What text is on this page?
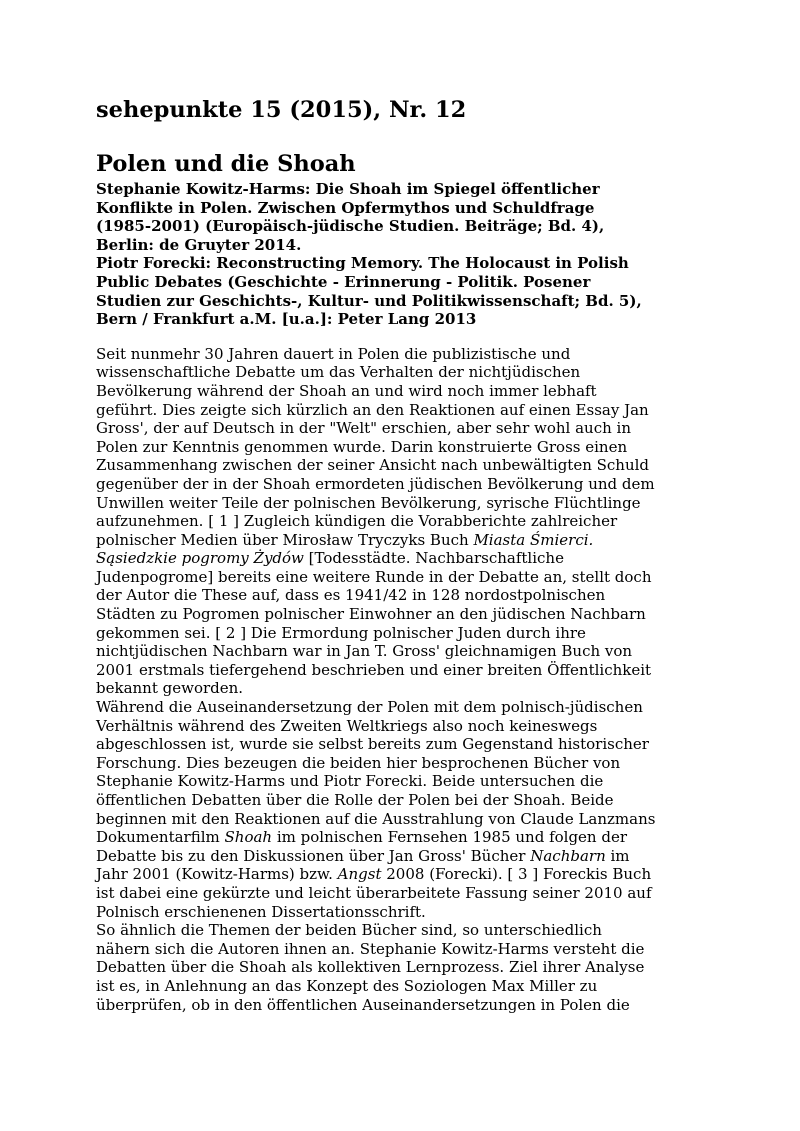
sehepunkte 15 (2015), Nr. 12
Polen und die Shoah

Stephanie Kowitz-Harms: Die Shoah im Spiegel öffentlicher
Konflikte in Polen. Zwischen Opfermythos und Schuldfrage
(1985-2001) (Europäisch-jüdische Studien. Beiträge; Bd. 4),
Berlin: de Gruyter 2014.

Piotr Forecki: Reconstructing Memory. The Holocaust in Polish
Public Debates (Geschichte - Erinnerung - Politik. Posener
Studien zur Geschichts-, Kultur- und Politikwissenschaft; Bd. 5),
Bern / Frankfurt a.M. [u.a.]: Peter Lang 2013

Seit nunmehr 30 Jahren dauert in Polen die publizistische und
wissenschaftliche Debatte um das Verhalten der nichtjüdischen
Bevölkerung während der Shoah an und wird noch immer lebhaft
geführt. Dies zeigte sich kürzlich an den Reaktionen auf einen Essay Jan
Gross', der auf Deutsch in der "Welt" erschien, aber sehr wohl auch in
Polen zur Kenntnis genommen wurde. Darin konstruierte Gross einen
Zusammenhang zwischen der seiner Ansicht nach unbewältigten Schuld
gegenüber der in der Shoah ermordeten jüdischen Bevölkerung und dem
Unwillen weiter Teile der polnischen Bevölkerung, syrische Flüchtlinge
aufzunehmen. [ 1 ] Zugleich kündigen die Vorabberichte zahlreicher
polnischer Medien über Mirosław Tryczyks Buch Miasta Śmierci.
Sąsiedzkie pogromy Żydów [Todesstädte. Nachbarschaftliche
Judenpogrome] bereits eine weitere Runde in der Debatte an, stellt doch
der Autor die These auf, dass es 1941/42 in 128 nordostpolnischen
Städten zu Pogromen polnischer Einwohner an den jüdischen Nachbarn
gekommen sei. [ 2 ] Die Ermordung polnischer Juden durch ihre
nichtjüdischen Nachbarn war in Jan T. Gross' gleichnamigen Buch von
2001 erstmals tiefergehend beschrieben und einer breiten Öffentlichkeit
bekannt geworden.

Während die Auseinandersetzung der Polen mit dem polnisch-jüdischen
Verhältnis während des Zweiten Weltkriegs also noch keineswegs
abgeschlossen ist, wurde sie selbst bereits zum Gegenstand historischer
Forschung. Dies bezeugen die beiden hier besprochenen Bücher von
Stephanie Kowitz-Harms und Piotr Forecki. Beide untersuchen die
öffentlichen Debatten über die Rolle der Polen bei der Shoah. Beide
beginnen mit den Reaktionen auf die Ausstrahlung von Claude Lanzmans
Dokumentarfilm Shoah im polnischen Fernsehen 1985 und folgen der
Debatte bis zu den Diskussionen über Jan Gross' Bücher Nachbarn im
Jahr 2001 (Kowitz-Harms) bzw. Angst 2008 (Forecki). [ 3 ] Foreckis Buch
ist dabei eine gekürzte und leicht überarbeitete Fassung seiner 2010 auf
Polnisch erschienenen Dissertationsschrift.

So ähnlich die Themen der beiden Bücher sind, so unterschiedlich
nähern sich die Autoren ihnen an. Stephanie Kowitz-Harms versteht die
Debatten über die Shoah als kollektiven Lernprozess. Ziel ihrer Analyse
ist es, in Anlehnung an das Konzept des Soziologen Max Miller zu
überprüfen, ob in den öffentlichen Auseinandersetzungen in Polen die
